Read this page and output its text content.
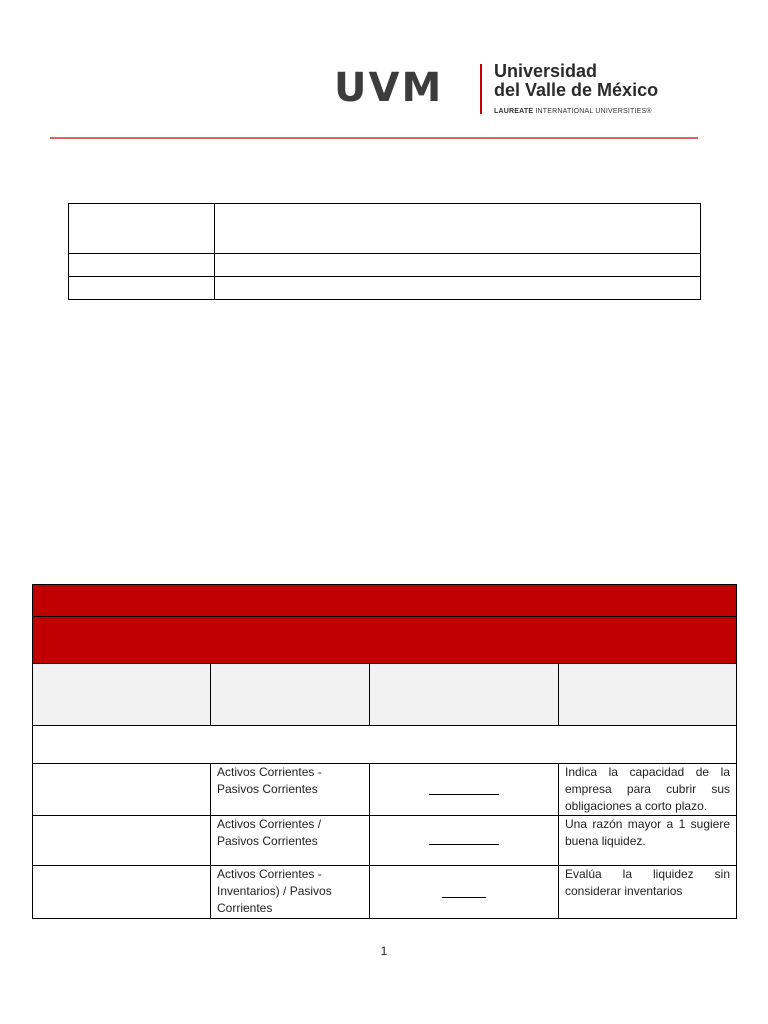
UVM	Universidad
del Valle de México
LAUREATE INTERNATIONAL UNIVERSITIES®

	Activos Corrientes - Pasivos Corrientes		Indica la capacidad de la empresa para cubrir sus obligaciones a corto plazo.
	Activos Corrientes / Pasivos Corrientes		Una razón mayor a 1 sugiere buena liquidez.
	Activos Corrientes - Inventarios) / Pasivos Corrientes		Evalúa la liquidez sin considerar inventarios
1
